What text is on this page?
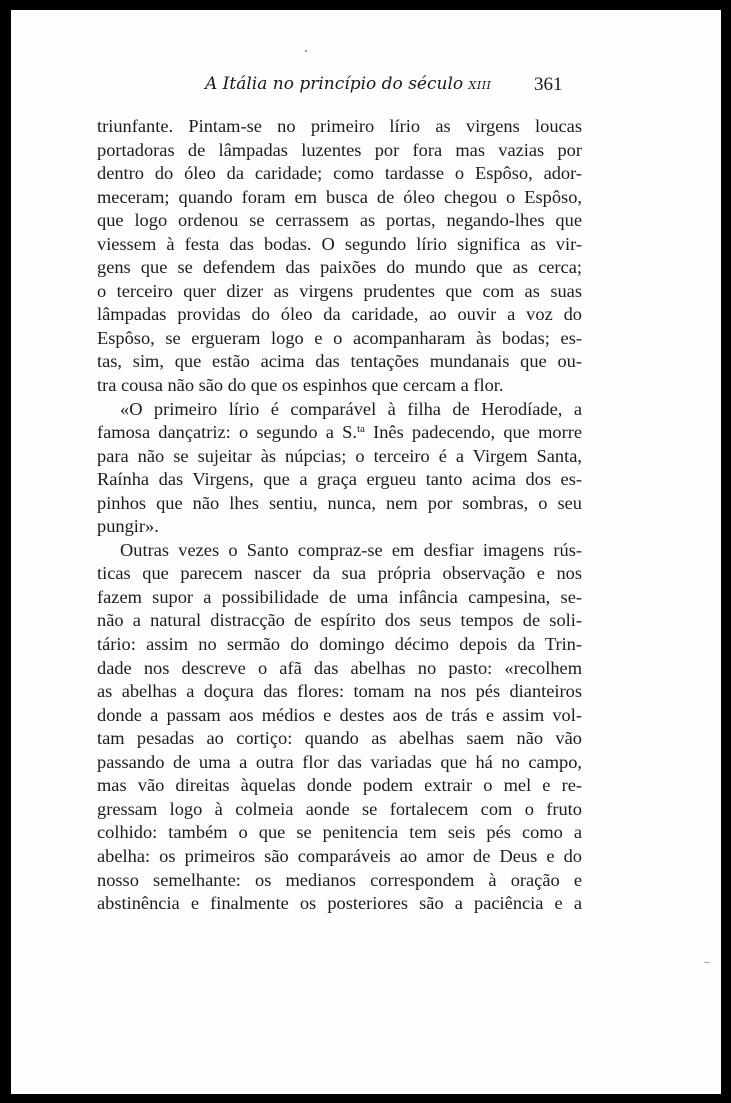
A Itália no princípio do século XIII 361
triunfante. Pintam-se no primeiro lírio as virgens loucas
portadoras de lâmpadas luzentes por fora mas vazias por
dentro do óleo da caridade; como tardasse o Espôso, ador-
meceram; quando foram em busca de óleo chegou o Espôso,
que logo ordenou se cerrassem as portas, negando-lhes que
viessem à festa das bodas. O segundo lírio significa as vir-
gens que se defendem das paixões do mundo que as cerca;
o terceiro quer dizer as virgens prudentes que com as suas
lâmpadas providas do óleo da caridade, ao ouvir a voz do
Espôso, se ergueram logo e o acompanharam às bodas; es-
tas, sim, que estão acima das tentações mundanais que ou-
tra cousa não são do que os espinhos que cercam a flor.
«O primeiro lírio é comparável à filha de Herodíade, a
famosa dançatriz: o segundo a S.$^{ta}$ Inês padecendo, que morre
para não se sujeitar às núpcias; o terceiro é a Virgem Santa,
Raínha das Virgens, que a graça ergueu tanto acima dos es-
pinhos que não lhes sentiu, nunca, nem por sombras, o seu
pungir».
Outras vezes o Santo compraz-se em desfiar imagens rús-
ticas que parecem nascer da sua própria observação e nos
fazem supor a possibilidade de uma infância campesina, se-
não a natural distracção de espírito dos seus tempos de soli-
tário: assim no sermão do domingo décimo depois da Trin-
dade nos descreve o afã das abelhas no pasto: «recolhem
as abelhas a doçura das flores: tomam na nos pés dianteiros
donde a passam aos médios e destes aos de trás e assim vol-
tam pesadas ao cortiço: quando as abelhas saem não vão
passando de uma a outra flor das variadas que há no campo,
mas vão direitas àquelas donde podem extrair o mel e re-
gressam logo à colmeia aonde se fortalecem com o fruto
colhido: também o que se penitencia tem seis pés como a
abelha: os primeiros são comparáveis ao amor de Deus e do
nosso semelhante: os medianos correspondem à oração e
abstinência e finalmente os posteriores são a paciência e a
